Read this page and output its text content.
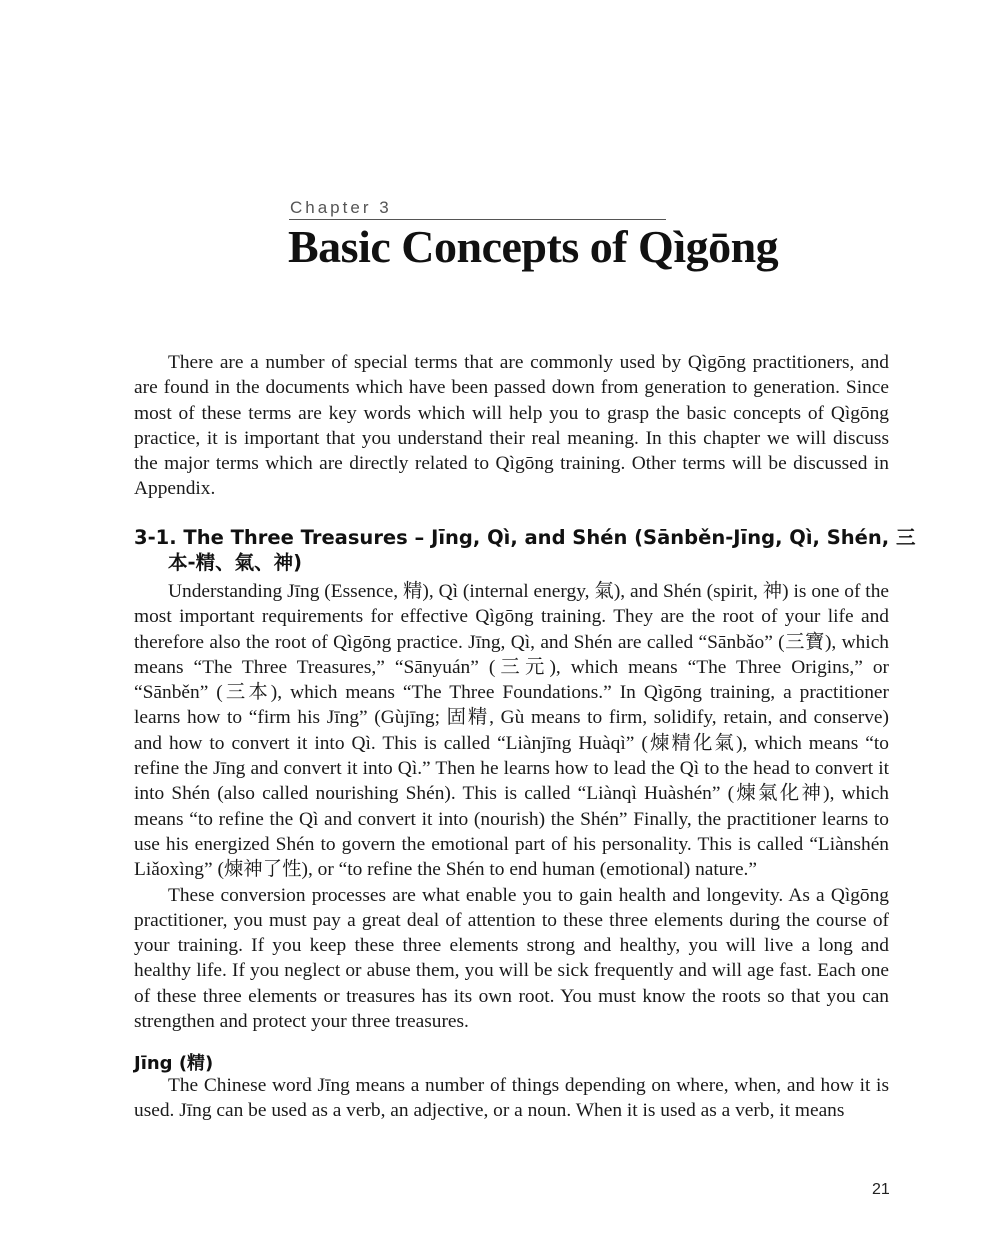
Chapter 3
Basic Concepts of Qìgōng

There are a number of special terms that are commonly used by Qìgōng practitioners, and are found in the documents which have been passed down from generation to generation. Since most of these terms are key words which will help you to grasp the basic concepts of Qìgōng practice, it is important that you understand their real meaning. In this chapter we will discuss the major terms which are directly related to Qìgōng training. Other terms will be discussed in Appendix.

3-1. The Three Treasures – Jīng, Qì, and Shén (Sānběn-Jīng, Qì, Shén, 三本-精、氣、神)

Understanding Jīng (Essence, 精), Qì (internal energy, 氣), and Shén (spirit, 神) is one of the most important requirements for effective Qìgōng training. They are the root of your life and therefore also the root of Qìgōng practice. Jīng, Qì, and Shén are called “Sānbǎo” (三寶), which means “The Three Treasures,” “Sānyuán” (三元), which means “The Three Origins,” or “Sānběn” (三本), which means “The Three Foundations.” In Qìgōng training, a practitioner learns how to “firm his Jīng” (Gùjīng; 固精, Gù means to firm, solidify, retain, and conserve) and how to convert it into Qì. This is called “Liànjīng Huàqì” (煉精化氣), which means “to refine the Jīng and convert it into Qì.” Then he learns how to lead the Qì to the head to convert it into Shén (also called nourishing Shén). This is called “Liànqì Huàshén” (煉氣化神), which means “to refine the Qì and convert it into (nourish) the Shén” Finally, the practitioner learns to use his energized Shén to govern the emotional part of his personality. This is called “Liànshén Liǎoxìng” (煉神了性), or “to refine the Shén to end human (emotional) nature.”

These conversion processes are what enable you to gain health and longevity. As a Qìgōng practitioner, you must pay a great deal of attention to these three elements during the course of your training. If you keep these three elements strong and healthy, you will live a long and healthy life. If you neglect or abuse them, you will be sick frequently and will age fast. Each one of these three elements or treasures has its own root. You must know the roots so that you can strengthen and protect your three treasures.

Jīng (精)

The Chinese word Jīng means a number of things depending on where, when, and how it is used. Jīng can be used as a verb, an adjective, or a noun. When it is used as a verb, it means

21
